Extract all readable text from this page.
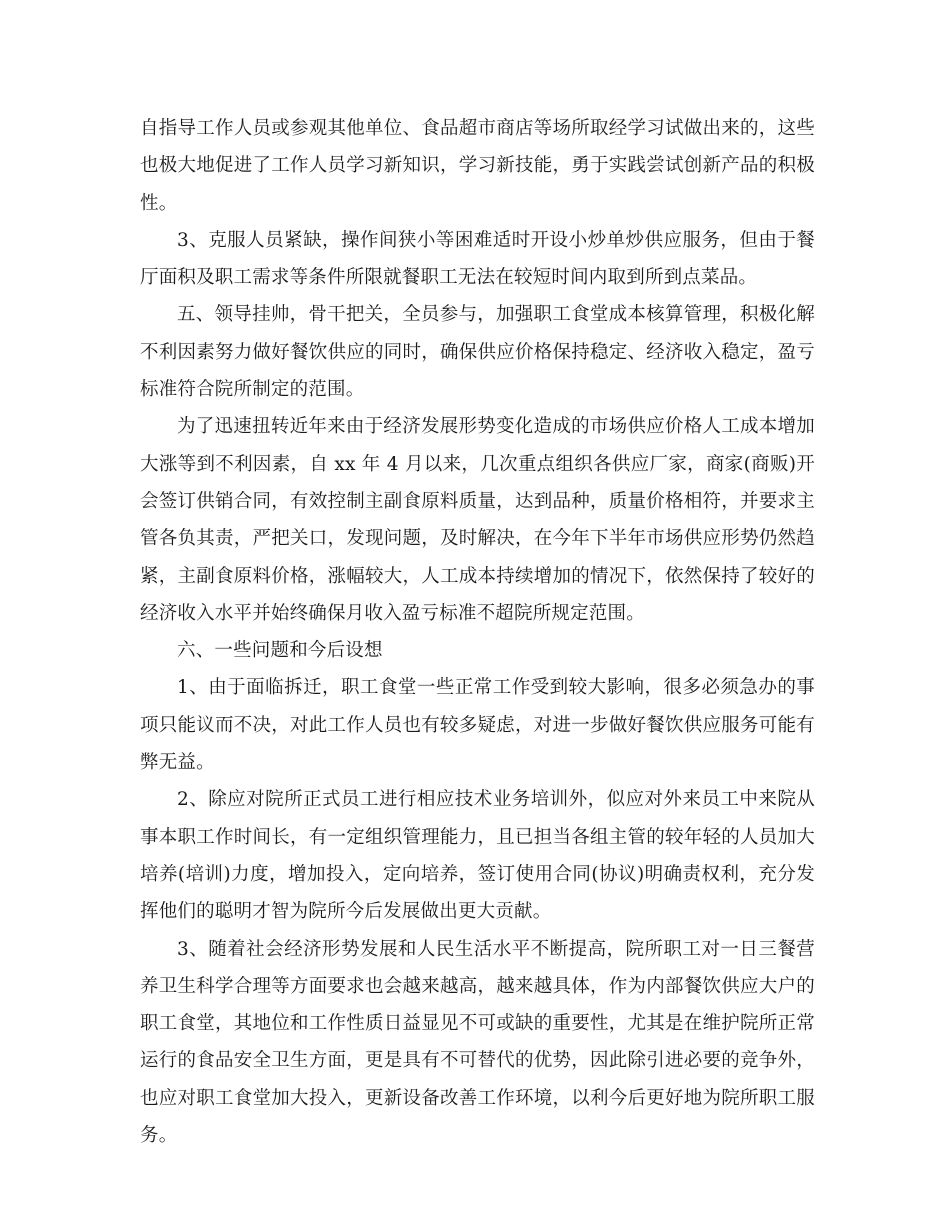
自指导工作人员或参观其他单位、食品超市商店等场所取经学习试做出来的，这些也极大地促进了工作人员学习新知识，学习新技能，勇于实践尝试创新产品的积极性。

3、克服人员紧缺，操作间狭小等困难适时开设小炒单炒供应服务，但由于餐厅面积及职工需求等条件所限就餐职工无法在较短时间内取到所到点菜品。

五、领导挂帅，骨干把关，全员参与，加强职工食堂成本核算管理，积极化解不利因素努力做好餐饮供应的同时，确保供应价格保持稳定、经济收入稳定，盈亏标准符合院所制定的范围。

为了迅速扭转近年来由于经济发展形势变化造成的市场供应价格人工成本增加大涨等到不利因素，自 xx 年 4 月以来，几次重点组织各供应厂家，商家(商贩)开会签订供销合同，有效控制主副食原料质量，达到品种，质量价格相符，并要求主管各负其责，严把关口，发现问题，及时解决，在今年下半年市场供应形势仍然趋紧，主副食原料价格，涨幅较大，人工成本持续增加的情况下，依然保持了较好的经济收入水平并始终确保月收入盈亏标准不超院所规定范围。

六、一些问题和今后设想

1、由于面临拆迁，职工食堂一些正常工作受到较大影响，很多必须急办的事项只能议而不决，对此工作人员也有较多疑虑，对进一步做好餐饮供应服务可能有弊无益。

2、除应对院所正式员工进行相应技术业务培训外，似应对外来员工中来院从事本职工作时间长，有一定组织管理能力，且已担当各组主管的较年轻的人员加大培养(培训)力度，增加投入，定向培养，签订使用合同(协议)明确责权利，充分发挥他们的聪明才智为院所今后发展做出更大贡献。

3、随着社会经济形势发展和人民生活水平不断提高，院所职工对一日三餐营养卫生科学合理等方面要求也会越来越高，越来越具体，作为内部餐饮供应大户的职工食堂，其地位和工作性质日益显见不可或缺的重要性，尤其是在维护院所正常运行的食品安全卫生方面，更是具有不可替代的优势，因此除引进必要的竞争外，也应对职工食堂加大投入，更新设备改善工作环境，以利今后更好地为院所职工服务。
